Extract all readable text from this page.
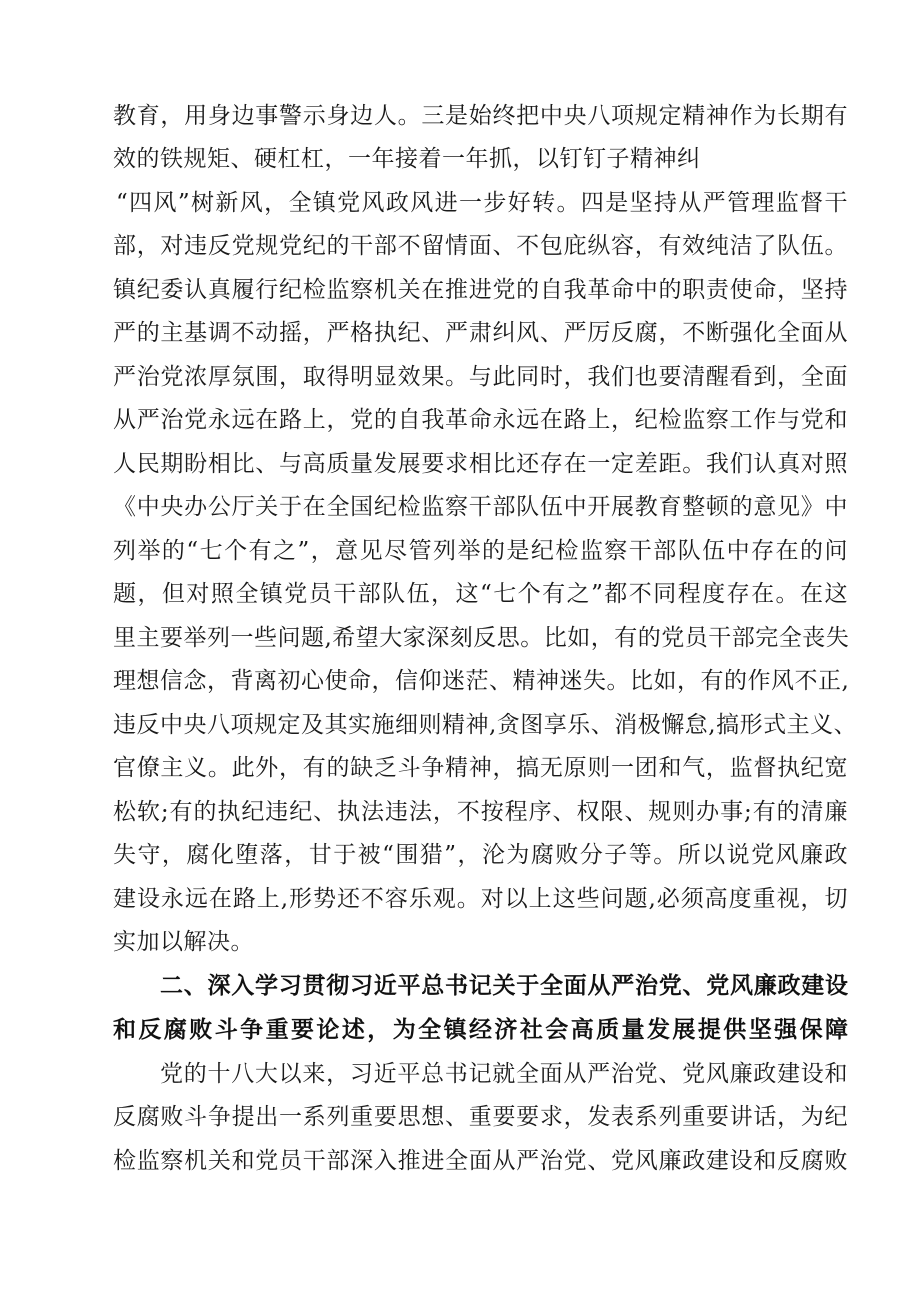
教育，用身边事警示身边人。三是始终把中央八项规定精神作为长期有
效的铁规矩、硬杠杠，一年接着一年抓，以钉钉子精神纠
“四风”树新风，全镇党风政风进一步好转。四是坚持从严管理监督干
部，对违反党规党纪的干部不留情面、不包庇纵容，有效纯洁了队伍。
镇纪委认真履行纪检监察机关在推进党的自我革命中的职责使命，坚持
严的主基调不动摇，严格执纪、严肃纠风、严厉反腐，不断强化全面从
严治党浓厚氛围，取得明显效果。与此同时，我们也要清醒看到，全面
从严治党永远在路上，党的自我革命永远在路上，纪检监察工作与党和
人民期盼相比、与高质量发展要求相比还存在一定差距。我们认真对照
《中央办公厅关于在全国纪检监察干部队伍中开展教育整顿的意见》中
列举的“七个有之”，意见尽管列举的是纪检监察干部队伍中存在的问
题，但对照全镇党员干部队伍，这“七个有之”都不同程度存在。在这
里主要举列一些问题,希望大家深刻反思。比如，有的党员干部完全丧失
理想信念，背离初心使命，信仰迷茫、精神迷失。比如，有的作风不正,
违反中央八项规定及其实施细则精神,贪图享乐、消极懈怠,搞形式主义、
官僚主义。此外，有的缺乏斗争精神，搞无原则一团和气，监督执纪宽
松软;有的执纪违纪、执法违法，不按程序、权限、规则办事;有的清廉
失守，腐化堕落，甘于被“围猎”，沦为腐败分子等。所以说党风廉政
建设永远在路上,形势还不容乐观。对以上这些问题,必须高度重视，切
实加以解决。
二、深入学习贯彻习近平总书记关于全面从严治党、党风廉政建设
和反腐败斗争重要论述，为全镇经济社会高质量发展提供坚强保障
党的十八大以来，习近平总书记就全面从严治党、党风廉政建设和
反腐败斗争提出一系列重要思想、重要要求，发表系列重要讲话，为纪
检监察机关和党员干部深入推进全面从严治党、党风廉政建设和反腐败
